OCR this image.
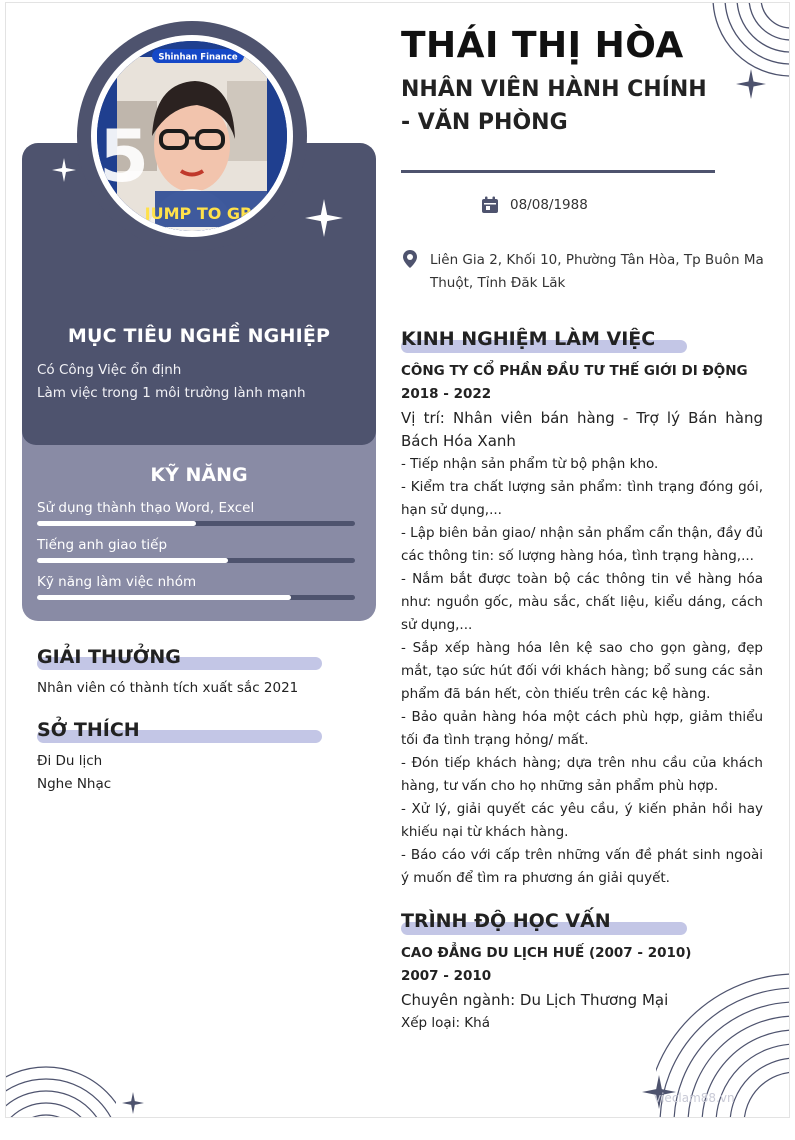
vieclam88.vn
Shinhan Finance
5
JUMP TO GREAT
MỤC TIÊU NGHỀ NGHIỆP
Có Công Việc ổn định
Làm việc trong 1 môi trường lành mạnh
KỸ NĂNG
Sử dụng thành thạo Word, Excel
Tiếng anh giao tiếp
Kỹ năng làm việc nhóm
GIẢI THƯỞNG
Nhân viên có thành tích xuất sắc 2021
SỞ THÍCH
Đi Du lịch
Nghe Nhạc
THÁI THỊ HÒA
NHÂN VIÊN HÀNH CHÍNH - VĂN PHÒNG
08/08/1988
Liên Gia 2, Khối 10, Phường Tân Hòa, Tp Buôn Ma Thuột, Tỉnh Đăk Lăk
KINH NGHIỆM LÀM VIỆC
CÔNG TY CỔ PHẦN ĐẦU TƯ THẾ GIỚI DI ĐỘNG
2018 - 2022
Vị trí: Nhân viên bán hàng - Trợ lý Bán hàng Bách Hóa Xanh
- Tiếp nhận sản phẩm từ bộ phận kho.
- Kiểm tra chất lượng sản phẩm: tình trạng đóng gói, hạn sử dụng,...
- Lập biên bản giao/ nhận sản phẩm cẩn thận, đầy đủ các thông tin: số lượng hàng hóa, tình trạng hàng,...
- Nắm bắt được toàn bộ các thông tin về hàng hóa như: nguồn gốc, màu sắc, chất liệu, kiểu dáng, cách sử dụng,...
- Sắp xếp hàng hóa lên kệ sao cho gọn gàng, đẹp mắt, tạo sức hút đối với khách hàng; bổ sung các sản phẩm đã bán hết, còn thiếu trên các kệ hàng.
- Bảo quản hàng hóa một cách phù hợp, giảm thiểu tối đa tình trạng hỏng/ mất.
- Đón tiếp khách hàng; dựa trên nhu cầu của khách hàng, tư vấn cho họ những sản phẩm phù hợp.
- Xử lý, giải quyết các yêu cầu, ý kiến phản hồi hay khiếu nại từ khách hàng.
- Báo cáo với cấp trên những vấn đề phát sinh ngoài ý muốn để tìm ra phương án giải quyết.
TRÌNH ĐỘ HỌC VẤN
CAO ĐẲNG DU LỊCH HUẾ (2007 - 2010)
2007 - 2010
Chuyên ngành: Du Lịch Thương Mại
Xếp loại: Khá
